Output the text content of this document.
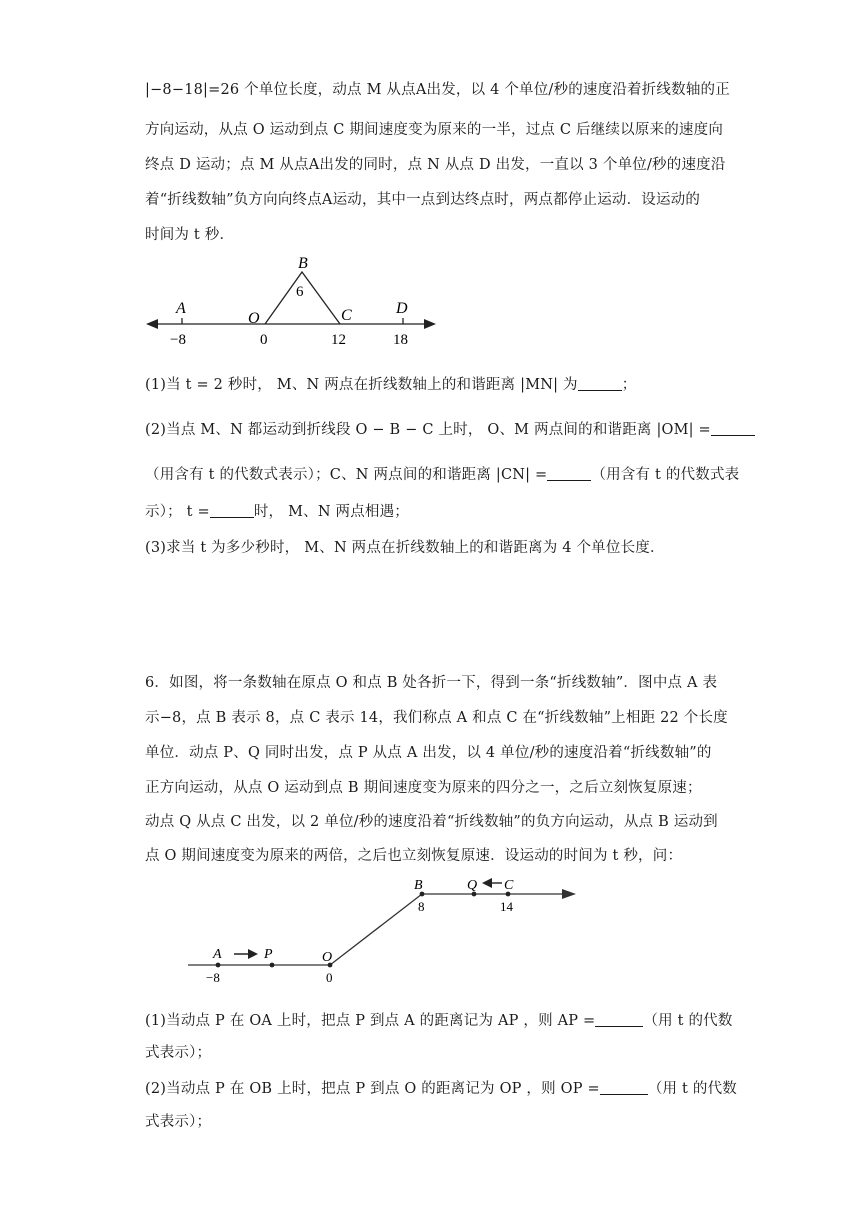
|−8−18|=26 个单位长度，动点 M 从点A出发，以 4 个单位/秒的速度沿着折线数轴的正
方向运动，从点 O 运动到点 C 期间速度变为原来的一半，过点 C 后继续以原来的速度向
终点 D 运动；点 M 从点A出发的同时，点 N 从点 D 出发，一直以 3 个单位/秒的速度沿
着“折线数轴”负方向向终点A运动，其中一点到达终点时，两点都停止运动．设运动的
时间为 t 秒．
A
O
B
C	D
−8	0
6
12	18
(1)当 t = 2 秒时， M、N 两点在折线数轴上的和谐距离 |MN| 为	；
(2)当点 M、N 都运动到折线段 O − B − C 上时， O、M 两点间的和谐距离 |OM| =
（用含有 t 的代数式表示）；C、N 两点间的和谐距离 |CN| =	（用含有 t 的代数式表
示）； t =	时， M、N 两点相遇；
(3)求当 t 为多少秒时， M、N 两点在折线数轴上的和谐距离为 4 个单位长度．
6．如图，将一条数轴在原点 O 和点 B 处各折一下，得到一条“折线数轴”．图中点 A 表
示−8，点 B 表示 8，点 C 表示 14，我们称点 A 和点 C 在“折线数轴”上相距 22 个长度
单位．动点 P、Q 同时出发，点 P 从点 A 出发，以 4 单位/秒的速度沿着“折线数轴”的
正方向运动，从点 O 运动到点 B 期间速度变为原来的四分之一，之后立刻恢复原速；
动点 Q 从点 C 出发，以 2 单位/秒的速度沿着“折线数轴”的负方向运动，从点 B 运动到
点 O 期间速度变为原来的两倍，之后也立刻恢复原速．设运动的时间为 t 秒，问：
A	P	O
B	Q C
−8	0
8	14
(1)当动点 P 在 OA 上时，把点 P 到点 A 的距离记为 AP ，则 AP =	（用 t 的代数
式表示）；
(2)当动点 P 在 OB 上时，把点 P 到点 O 的距离记为 OP ，则 OP =	（用 t 的代数
式表示）；
